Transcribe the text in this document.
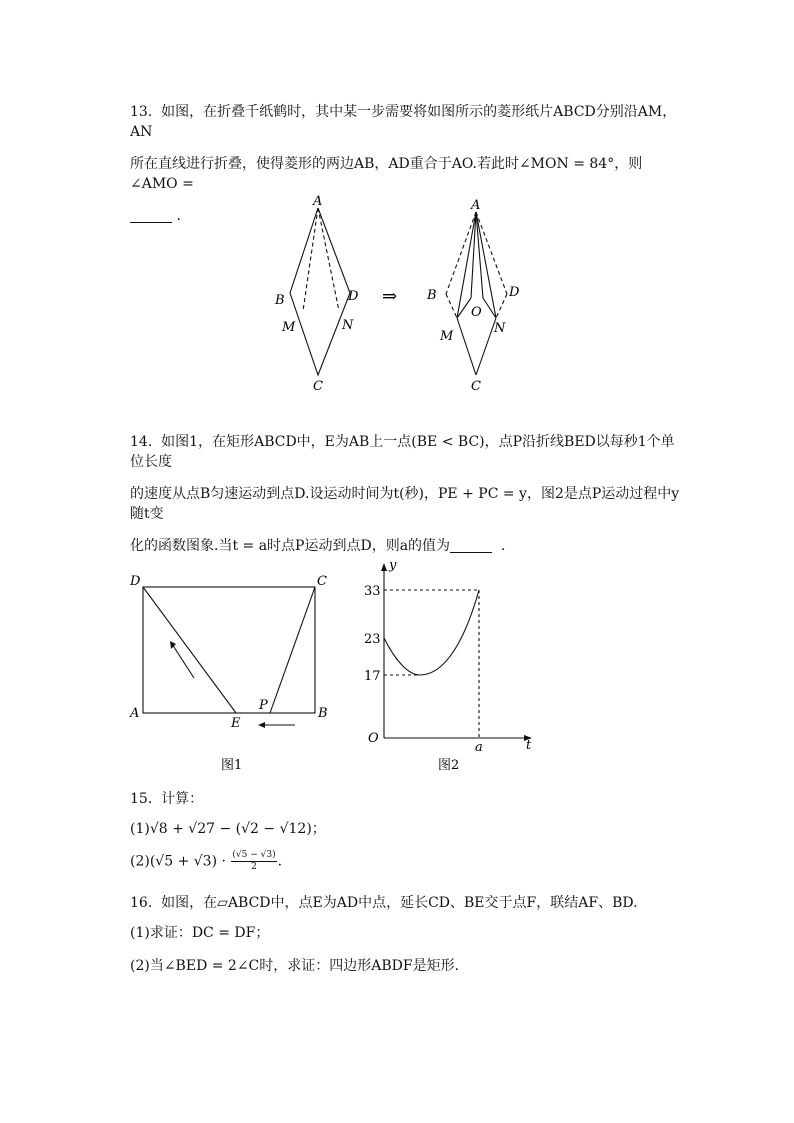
13. 如图，在折叠千纸鹤时，其中某一步需要将如图所示的菱形纸片ABCD分别沿AM，AN
所在直线进行折叠，使得菱形的两边AB，AD重合于AO.若此时∠MON = 84°，则∠AMO =
.
A
B	D
M	N
C
⇒
A
B	D
O
M
N
C
14. 如图1，在矩形ABCD中，E为AB上一点(BE < BC)，点P沿折线BED以每秒1个单位长度
的速度从点B匀速运动到点D.设运动时间为t(秒)，PE + PC = y，图2是点P运动过程中y随t变
化的函数图象.当t = a时点P运动到点D，则a的值为	.
D	C
A
E
P
B
图1
y
t
O
33
23
17
a
图2
15. 计算：
(1)√8 + √27 − (√2 − √12)；
$(2)(√5 + √3) \cdot \frac{(√5 - √3)}{2}$ .
16. 如图，在▱ABCD中，点E为AD中点，延长CD、BE交于点F，联结AF、BD.
(1)求证：DC = DF；
(2)当∠BED = 2∠C时，求证：四边形ABDF是矩形.
